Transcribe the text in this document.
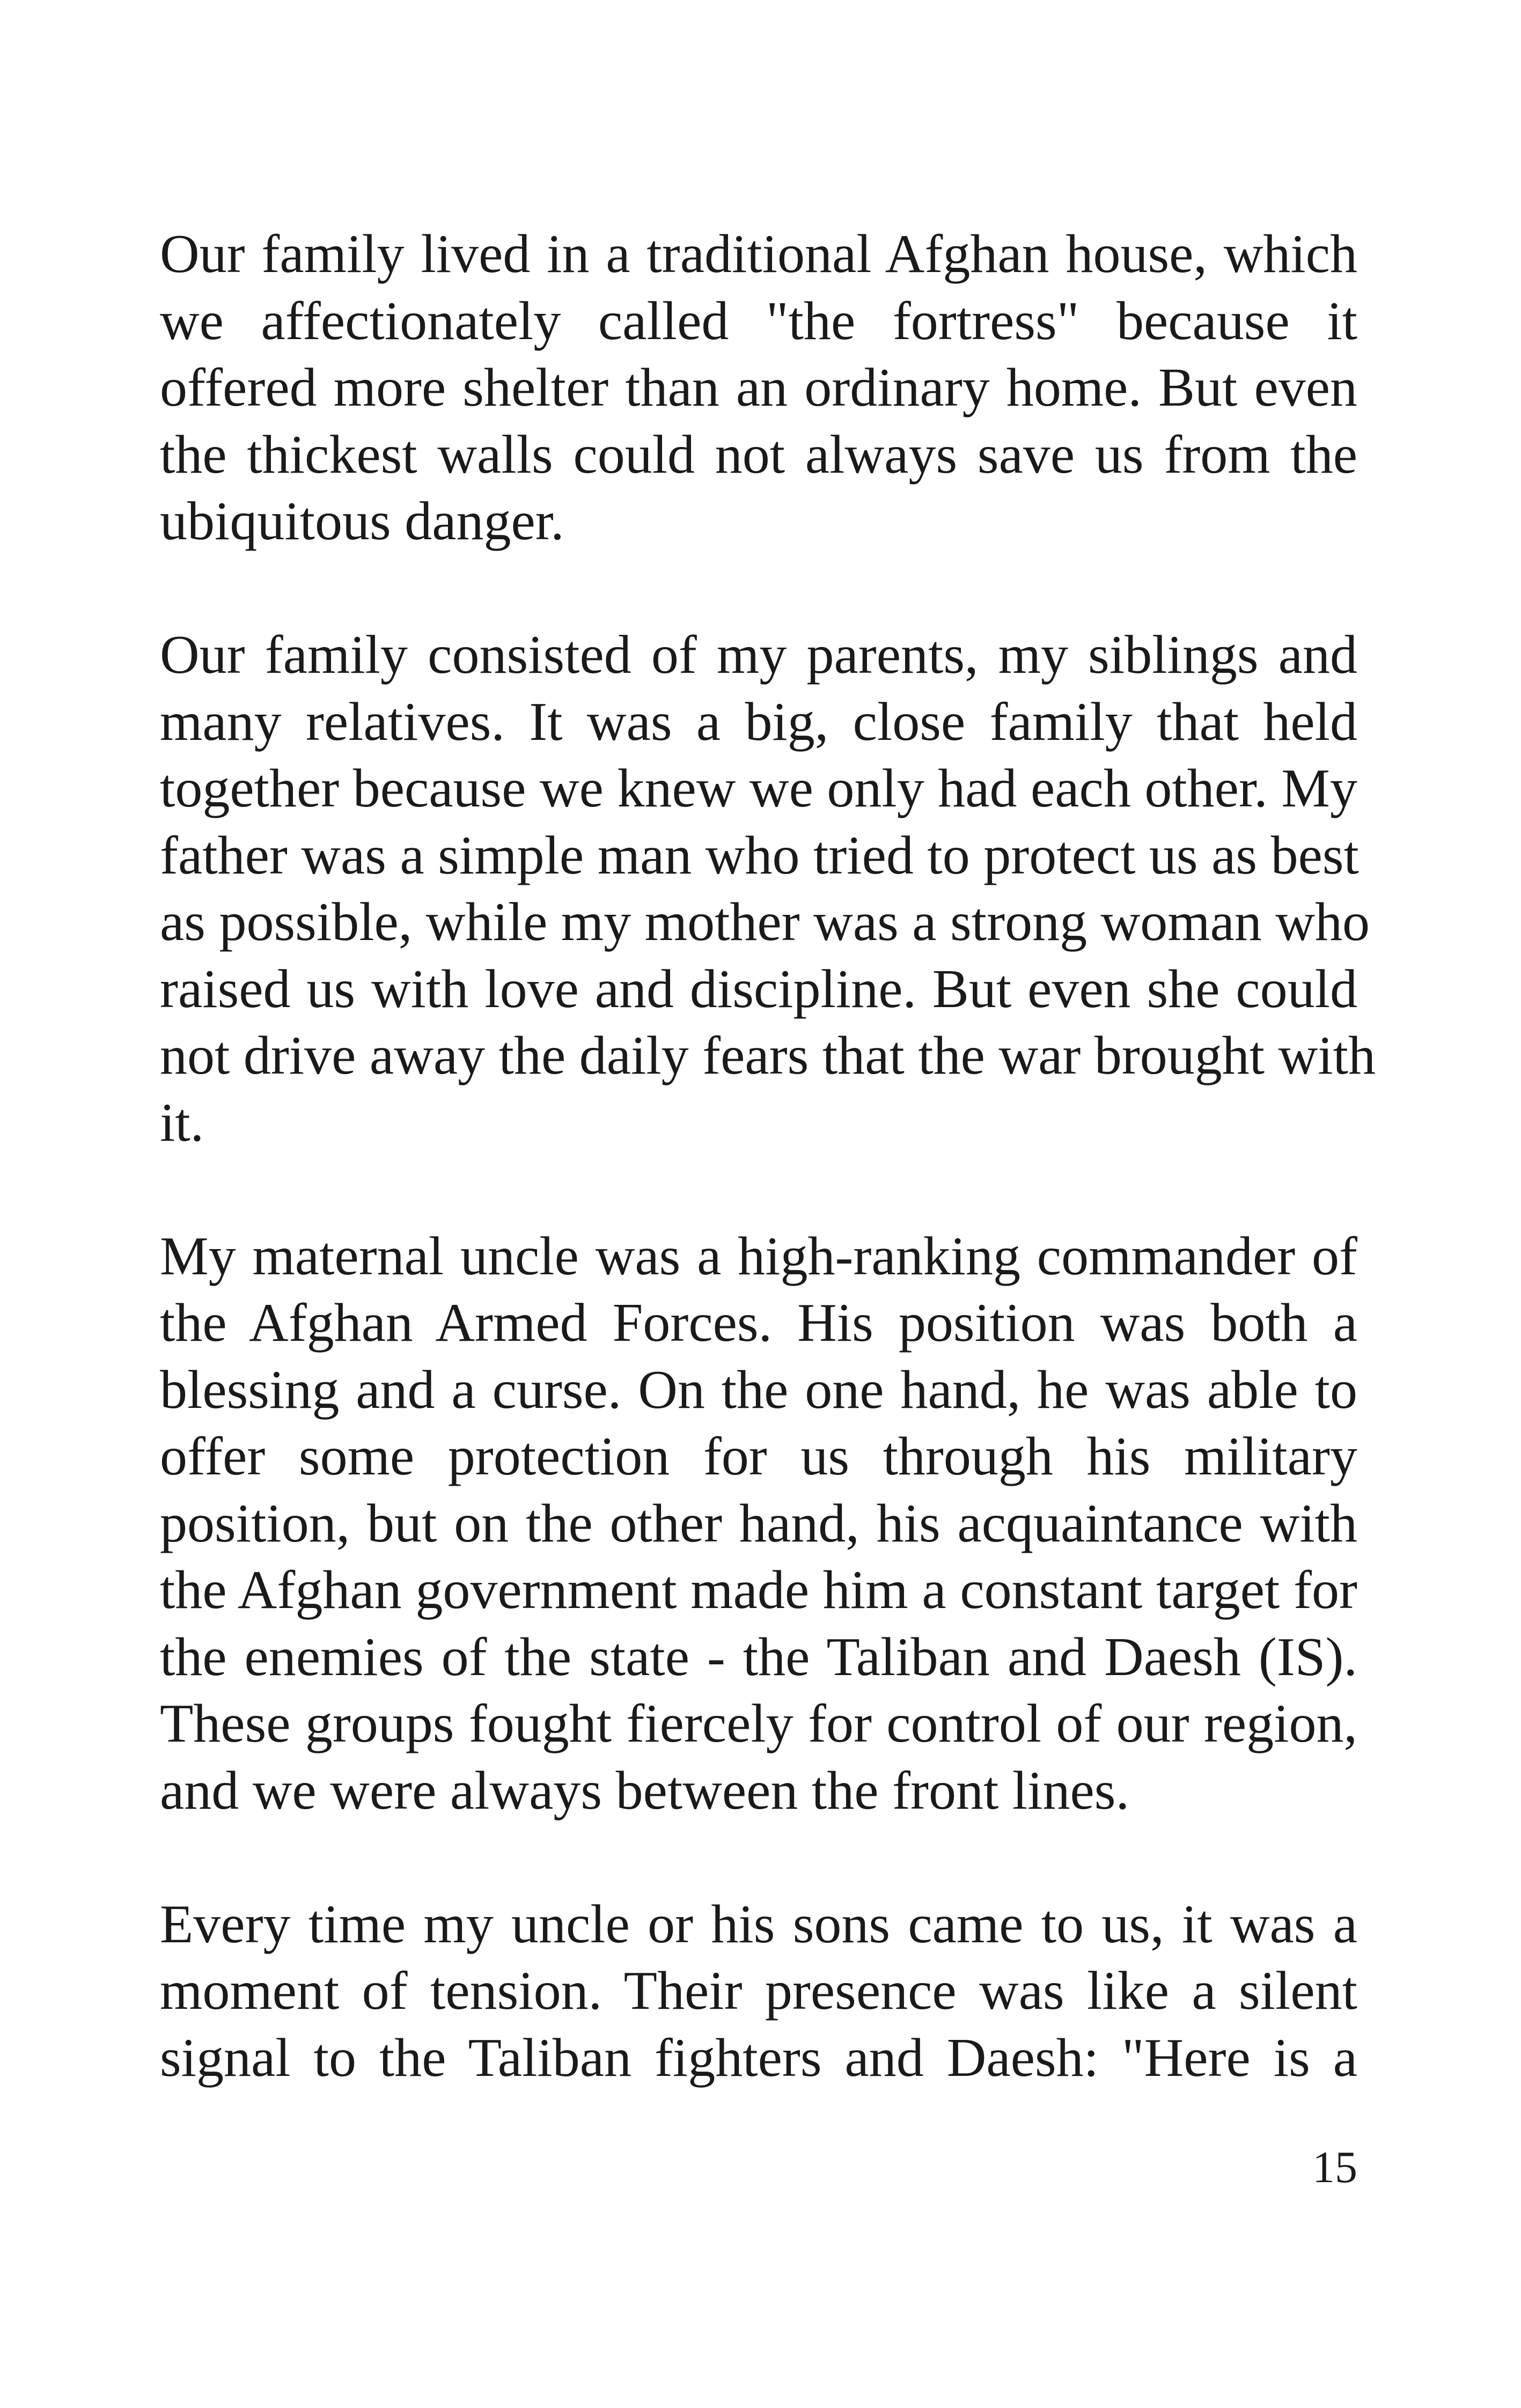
Our family lived in a traditional Afghan house, which
we affectionately called "the fortress" because it
offered more shelter than an ordinary home. But even
the thickest walls could not always save us from the
ubiquitous danger.
Our family consisted of my parents, my siblings and
many relatives. It was a big, close family that held
together because we knew we only had each other. My
father was a simple man who tried to protect us as best
as possible, while my mother was a strong woman who
raised us with love and discipline. But even she could
not drive away the daily fears that the war brought with
it.
My maternal uncle was a high-ranking commander of
the Afghan Armed Forces. His position was both a
blessing and a curse. On the one hand, he was able to
offer some protection for us through his military
position, but on the other hand, his acquaintance with
the Afghan government made him a constant target for
the enemies of the state - the Taliban and Daesh (IS).
These groups fought fiercely for control of our region,
and we were always between the front lines.
Every time my uncle or his sons came to us, it was a
moment of tension. Their presence was like a silent
signal to the Taliban fighters and Daesh: "Here is a
15
